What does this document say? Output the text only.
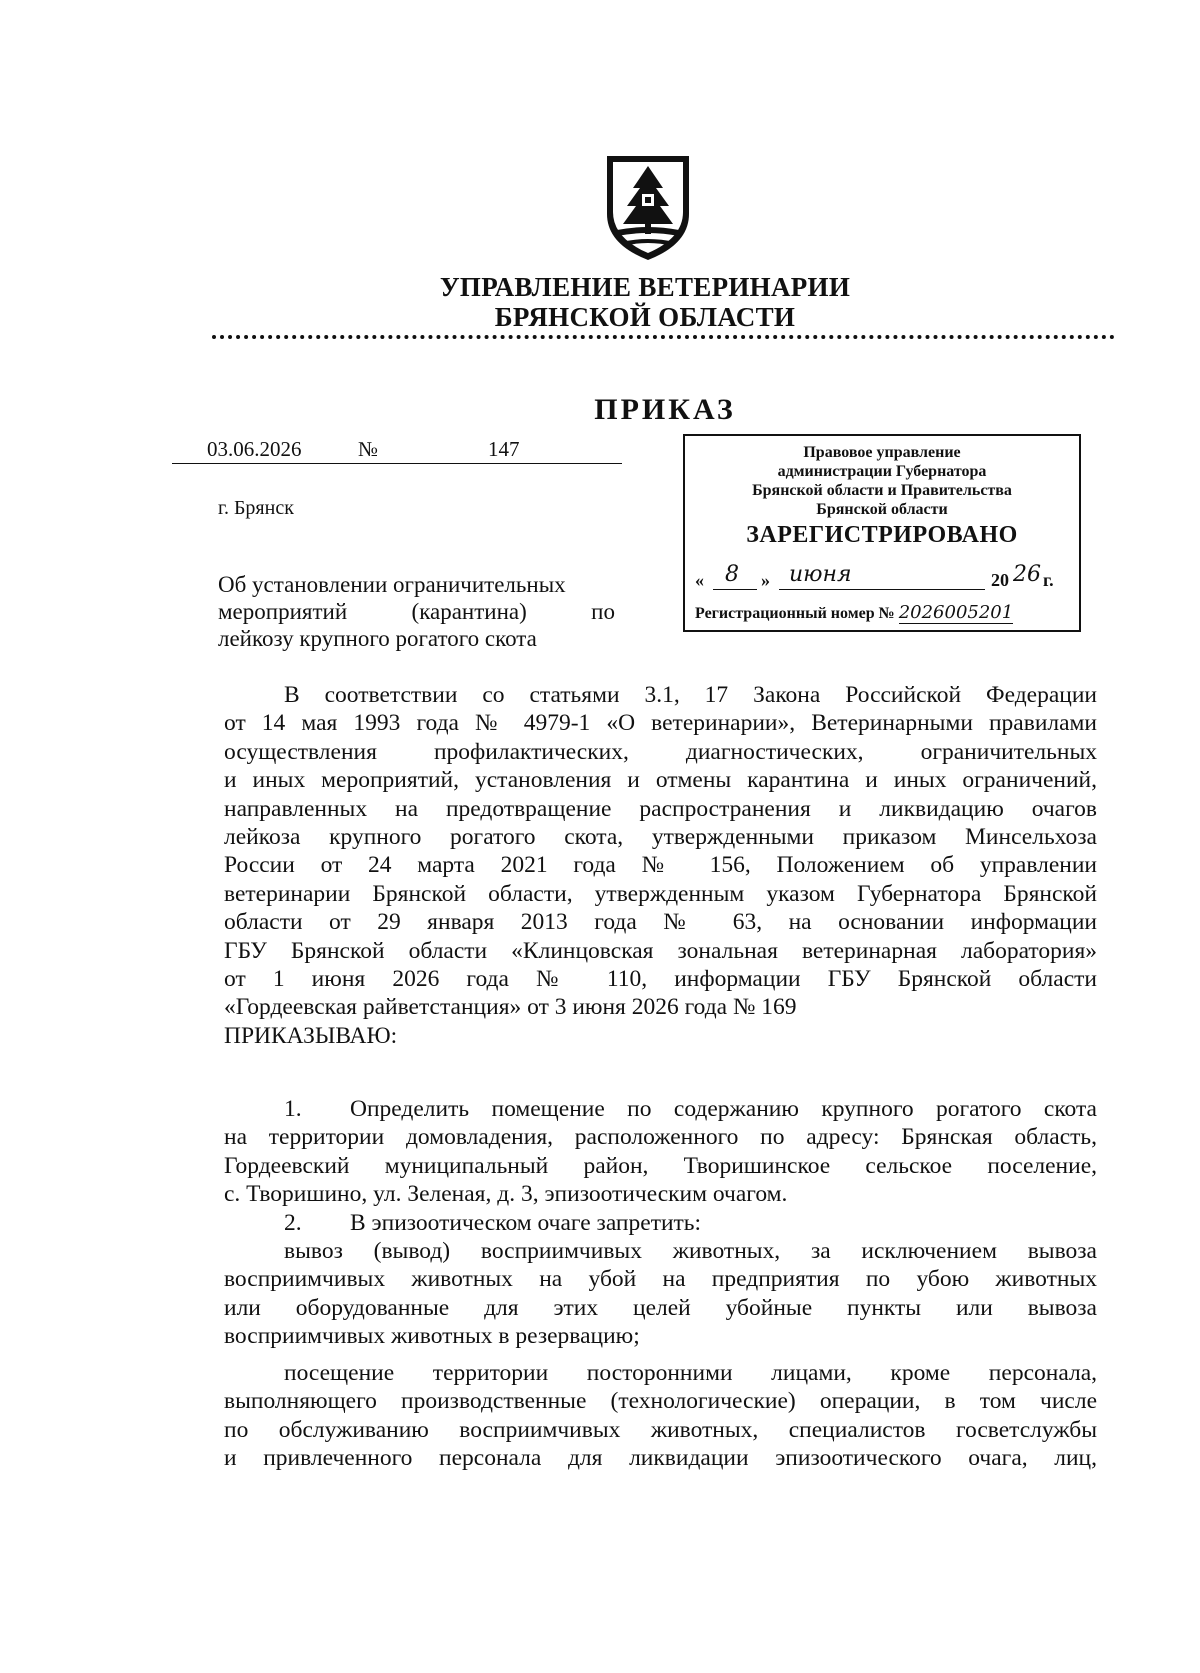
УПРАВЛЕНИЕ ВЕТЕРИНАРИИ
БРЯНСКОЙ ОБЛАСТИ
ПРИКАЗ
03.06.2026	№	147
г. Брянск
Об установлении ограничительных
мероприятий	(карантина)	по
лейкозу крупного рогатого скота
Правовое управление
администрации Губернатора
Брянской области и Правительства
Брянской области
ЗАРЕГИСТРИРОВАНО
« 8 » июня	20 26 г.
Регистрационный номер № 2026005201
В соответствии со статьями 3.1, 17 Закона Российской Федерации
от 14 мая 1993 года № 4979-1 «О ветеринарии», Ветеринарными правилами
осуществления профилактических, диагностических, ограничительных
и иных мероприятий, установления и отмены карантина и иных ограничений,
направленных на предотвращение распространения и ликвидацию очагов
лейкоза крупного рогатого скота, утвержденными приказом Минсельхоза
России от 24 марта 2021 года № 156, Положением об управлении
ветеринарии Брянской области, утвержденным указом Губернатора Брянской
области от 29 января 2013 года № 63, на основании информации
ГБУ Брянской области «Клинцовская зональная ветеринарная лаборатория»
от 1 июня 2026 года № 110, информации ГБУ Брянской области
«Гордеевская райветстанция» от 3 июня 2026 года № 169
ПРИКАЗЫВАЮ:
1. Определить помещение по содержанию крупного рогатого скота
на территории домовладения, расположенного по адресу: Брянская область,
Гордеевский муниципальный район, Творишинское сельское поселение,
с. Творишино, ул. Зеленая, д. 3, эпизоотическим очагом.
2. В эпизоотическом очаге запретить:
вывоз (вывод) восприимчивых животных, за исключением вывоза
восприимчивых животных на убой на предприятия по убою животных
или оборудованные для этих целей убойные пункты или вывоза
восприимчивых животных в резервацию;
посещение территории посторонними лицами, кроме персонала,
выполняющего производственные (технологические) операции, в том числе
по обслуживанию восприимчивых животных, специалистов госветслужбы
и привлеченного персонала для ликвидации эпизоотического очага, лиц,
